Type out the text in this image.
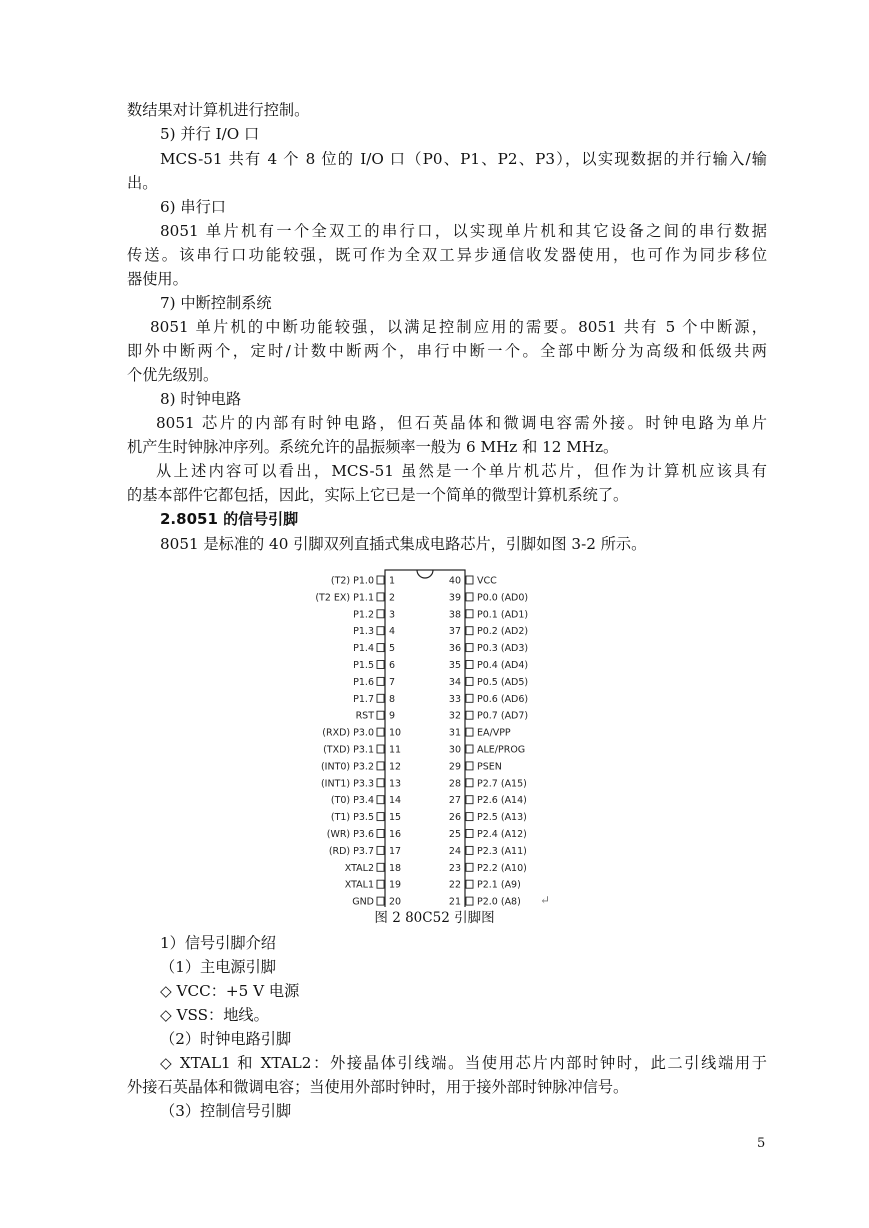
数结果对计算机进行控制。
5) 并行 I/O 口
MCS-51 共有 4 个 8 位的 I/O 口（P0、P1、P2、P3），以实现数据的并行输入/输
出。
6) 串行口
8051 单片机有一个全双工的串行口，以实现单片机和其它设备之间的串行数据
传送。该串行口功能较强，既可作为全双工异步通信收发器使用，也可作为同步移位
器使用。
7) 中断控制系统
8051 单片机的中断功能较强，以满足控制应用的需要。8051 共有 5 个中断源，
即外中断两个，定时/计数中断两个，串行中断一个。全部中断分为高级和低级共两
个优先级别。
8) 时钟电路
8051 芯片的内部有时钟电路，但石英晶体和微调电容需外接。时钟电路为单片
机产生时钟脉冲序列。系统允许的晶振频率一般为 6 MHz 和 12 MHz。
从上述内容可以看出，MCS-51 虽然是一个单片机芯片，但作为计算机应该具有
的基本部件它都包括，因此，实际上它已是一个简单的微型计算机系统了。
2.8051 的信号引脚
8051 是标准的 40 引脚双列直插式集成电路芯片，引脚如图 3-2 所示。
1
(T2) P1.0
2
(T2 EX) P1.1
3
P1.2
4
P1.3
5
P1.4
6
P1.5
7
P1.6
8
P1.7
9
RST
10
(RXD) P3.0
11
(TXD) P3.1
12
(INT0) P3.2
13
(INT1) P3.3
14
(T0) P3.4
15
(T1) P3.5
16
(WR) P3.6
17
(RD) P3.7
18
XTAL2
19
XTAL1
20
GND
40 VCC
39 P0.0 (AD0)
38 P0.1 (AD1)
37 P0.2 (AD2)
36 P0.3 (AD3)
35 P0.4 (AD4)
34 P0.5 (AD5)
33 P0.6 (AD6)
32 P0.7 (AD7)
31 EA/VPP
30 ALE/PROG
29 PSEN
28 P2.7 (A15)
27 P2.6 (A14)
26 P2.5 (A13)
25 P2.4 (A12)
24 P2.3 (A11)
23 P2.2 (A10)
22 P2.1 (A9)
21 P2.0 (A8) ↵
图 2 80C52 引脚图
1）信号引脚介绍
（1）主电源引脚
◇ VCC：+5 V 电源
◇ VSS：地线。
（2）时钟电路引脚
◇ XTAL1 和 XTAL2：外接晶体引线端。当使用芯片内部时钟时，此二引线端用于
外接石英晶体和微调电容；当使用外部时钟时，用于接外部时钟脉冲信号。
（3）控制信号引脚
5
